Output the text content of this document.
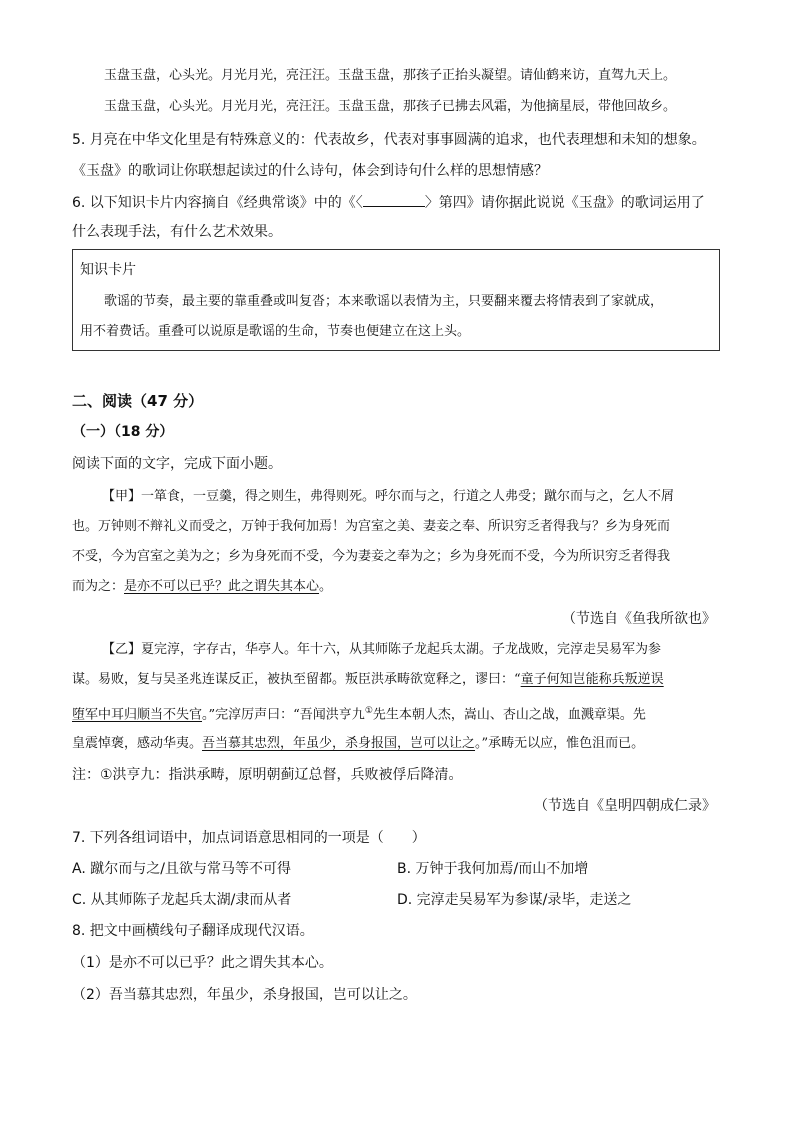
玉盘玉盘，心头光。月光月光，亮汪汪。玉盘玉盘，那孩子正抬头凝望。请仙鹤来访，直驾九天上。
玉盘玉盘，心头光。月光月光，亮汪汪。玉盘玉盘，那孩子已拂去风霜，为他摘星辰，带他回故乡。
5. 月亮在中华文化里是有特殊意义的：代表故乡，代表对事事圆满的追求，也代表理想和未知的想象。
《玉盘》的歌词让你联想起读过的什么诗句，体会到诗句什么样的思想情感？
6. 以下知识卡片内容摘自《经典常谈》中的《〈	〉第四》请你据此说说《玉盘》的歌词运用了
什么表现手法，有什么艺术效果。
知识卡片
歌谣的节奏，最主要的靠重叠或叫复沓；本来歌谣以表情为主，只要翻来覆去将情表到了家就成，
用不着费话。重叠可以说原是歌谣的生命，节奏也便建立在这上头。
二、阅读（47 分）
（一）（18 分）
阅读下面的文字，完成下面小题。
【甲】一箪食，一豆羹，得之则生，弗得则死。呼尔而与之，行道之人弗受；蹴尔而与之，乞人不屑
也。万钟则不辩礼义而受之，万钟于我何加焉！为宫室之美、妻妾之奉、所识穷乏者得我与？乡为身死而
不受，今为宫室之美为之；乡为身死而不受，今为妻妾之奉为之；乡为身死而不受，今为所识穷乏者得我
而为之：是亦不可以已乎？此之谓失其本心。
（节选自《鱼我所欲也》
【乙】夏完淳，字存古，华亭人。年十六，从其师陈子龙起兵太湖。子龙战败，完淳走吴易军为参
谋。易败，复与吴圣兆连谋反正，被执至留都。叛臣洪承畴欲宽释之，谬曰：“童子何知岂能称兵叛逆误
堕军中耳归顺当不失官。”完淳厉声曰：“吾闻洪亨九①先生本朝人杰，嵩山、杏山之战，血溅章渠。先
皇震悼褒，感动华夷。吾当慕其忠烈，年虽少，杀身报国，岂可以让之。”承畴无以应，惟色沮而已。
注：①洪亨九：指洪承畴，原明朝蓟辽总督，兵败被俘后降清。
（节选自《皇明四朝成仁录》
7. 下列各组词语中，加点词语意思相同的一项是（　　）
A. 蹴尔而与之/且欲与常马等不可得	B. 万钟于我何加焉/而山不加增
C. 从其师陈子龙起兵太湖/隶而从者	D. 完淳走吴易军为参谋/录毕，走送之
8. 把文中画横线句子翻译成现代汉语。
（1）是亦不可以已乎？此之谓失其本心。
（2）吾当慕其忠烈，年虽少，杀身报国，岂可以让之。
